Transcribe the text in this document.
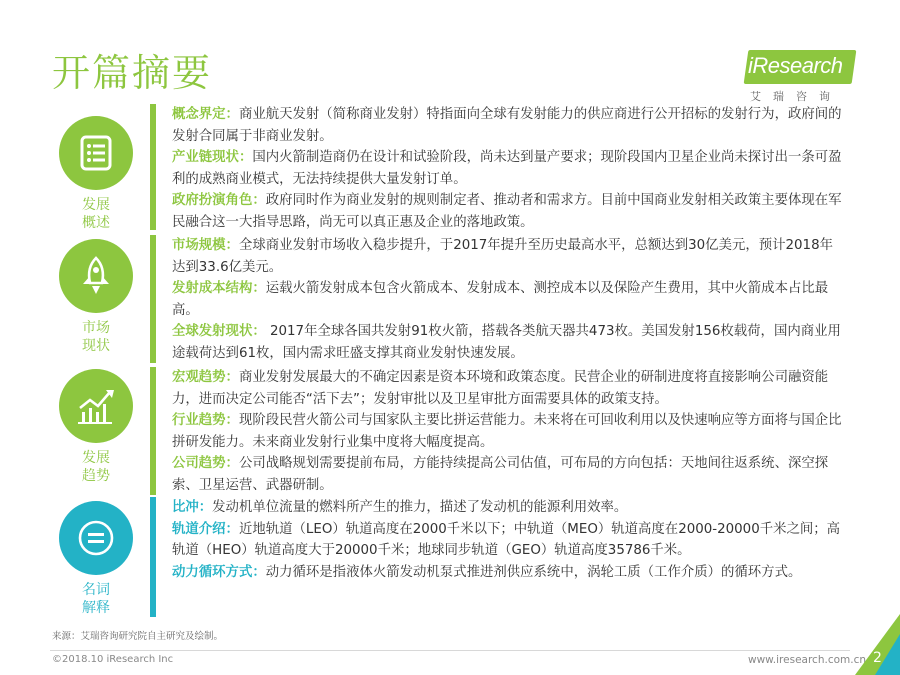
开篇摘要	iResearch
艾瑞咨询
发展
概述
概念界定：商业航天发射（简称商业发射）特指面向全球有发射能力的供应商进行公开招标的发射行为，政府间的发射合同属于非商业发射。
产业链现状：国内火箭制造商仍在设计和试验阶段，尚未达到量产要求；现阶段国内卫星企业尚未探讨出一条可盈利的成熟商业模式，无法持续提供大量发射订单。
政府扮演角色：政府同时作为商业发射的规则制定者、推动者和需求方。目前中国商业发射相关政策主要体现在军民融合这一大指导思路，尚无可以真正惠及企业的落地政策。
市场
现状
市场规模：全球商业发射市场收入稳步提升，于2017年提升至历史最高水平，总额达到30亿美元，预计2018年达到33.6亿美元。
发射成本结构：运载火箭发射成本包含火箭成本、发射成本、测控成本以及保险产生费用，其中火箭成本占比最高。
全球发射现状： 2017年全球各国共发射91枚火箭，搭载各类航天器共473枚。美国发射156枚载荷，国内商业用途载荷达到61枚，国内需求旺盛支撑其商业发射快速发展。
发展
趋势
宏观趋势：商业发射发展最大的不确定因素是资本环境和政策态度。民营企业的研制进度将直接影响公司融资能力，进而决定公司能否“活下去”；发射审批以及卫星审批方面需要具体的政策支持。
行业趋势：现阶段民营火箭公司与国家队主要比拼运营能力。未来将在可回收利用以及快速响应等方面将与国企比拼研发能力。未来商业发射行业集中度将大幅度提高。
公司趋势：公司战略规划需要提前布局，方能持续提高公司估值，可布局的方向包括：天地间往返系统、深空探索、卫星运营、武器研制。
名词
解释
比冲：发动机单位流量的燃料所产生的推力，描述了发动机的能源利用效率。
轨道介绍：近地轨道（LEO）轨道高度在2000千米以下；中轨道（MEO）轨道高度在2000-20000千米之间；高轨道（HEO）轨道高度大于20000千米；地球同步轨道（GEO）轨道高度35786千米。
动力循环方式：动力循环是指液体火箭发动机泵式推进剂供应系统中，涡轮工质（工作介质）的循环方式。
来源：艾瑞咨询研究院自主研究及绘制。
©2018.10 iResearch Inc	www.iresearch.com.cn 2
